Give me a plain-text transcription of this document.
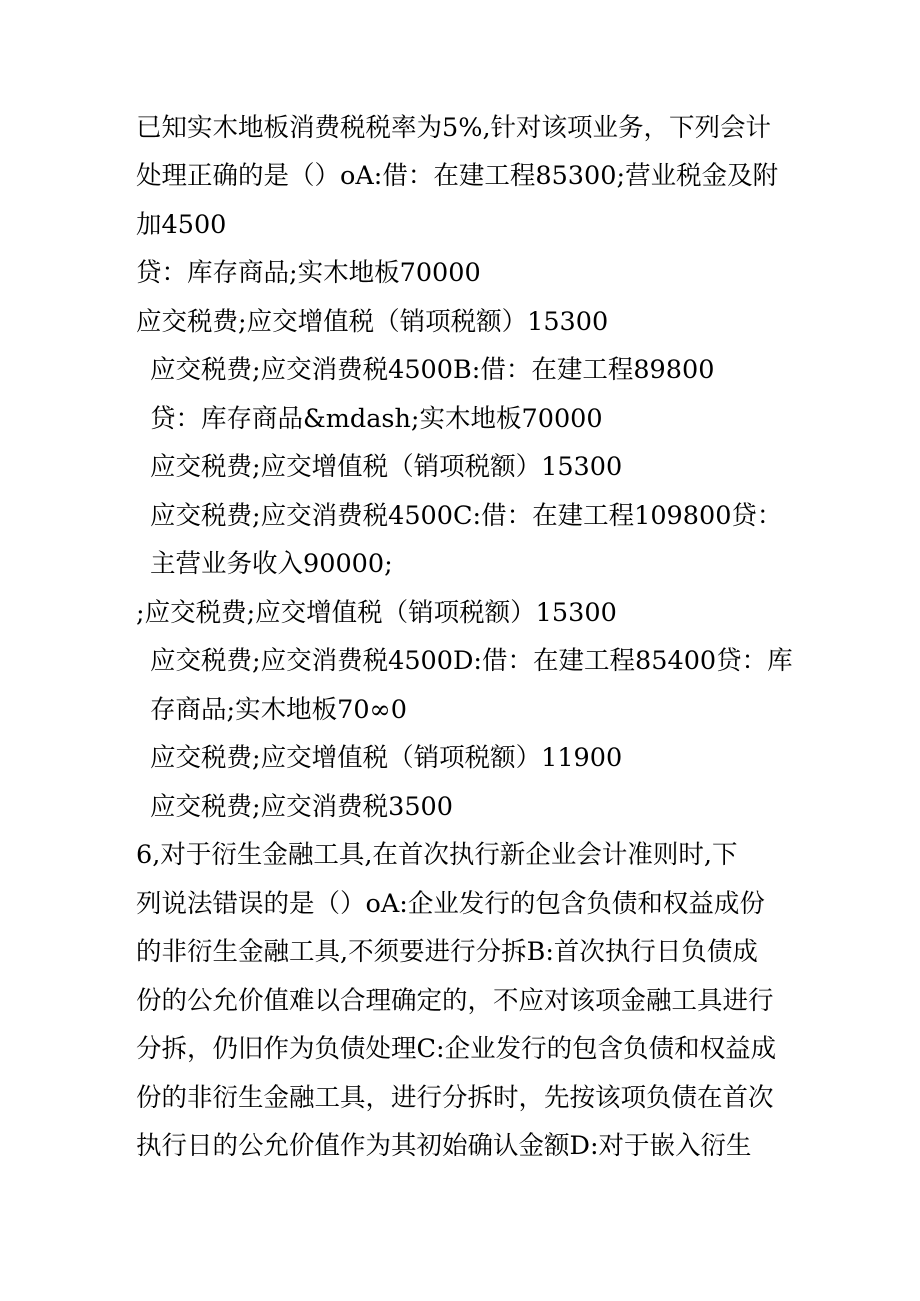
已知实木地板消费税税率为5%,针对该项业务，下列会计
处理正确的是（）oA:借：在建工程85300;营业税金及附
加4500
贷：库存商品;实木地板70000
应交税费;应交增值税（销项税额）15300
应交税费;应交消费税4500B:借：在建工程89800
贷：库存商品&mdash;实木地板70000
应交税费;应交增值税（销项税额）15300
应交税费;应交消费税4500C:借：在建工程109800贷：
主营业务收入90000;
;应交税费;应交增值税（销项税额）15300
应交税费;应交消费税4500D:借：在建工程85400贷：库
存商品;实木地板70∞0
应交税费;应交增值税（销项税额）11900
应交税费;应交消费税3500
6,对于衍生金融工具,在首次执行新企业会计准则时,下
列说法错误的是（）oA:企业发行的包含负债和权益成份
的非衍生金融工具,不须要进行分拆B:首次执行日负债成
份的公允价值难以合理确定的，不应对该项金融工具进行
分拆，仍旧作为负债处理C:企业发行的包含负债和权益成
份的非衍生金融工具，进行分拆时，先按该项负债在首次
执行日的公允价值作为其初始确认金额D:对于嵌入衍生
